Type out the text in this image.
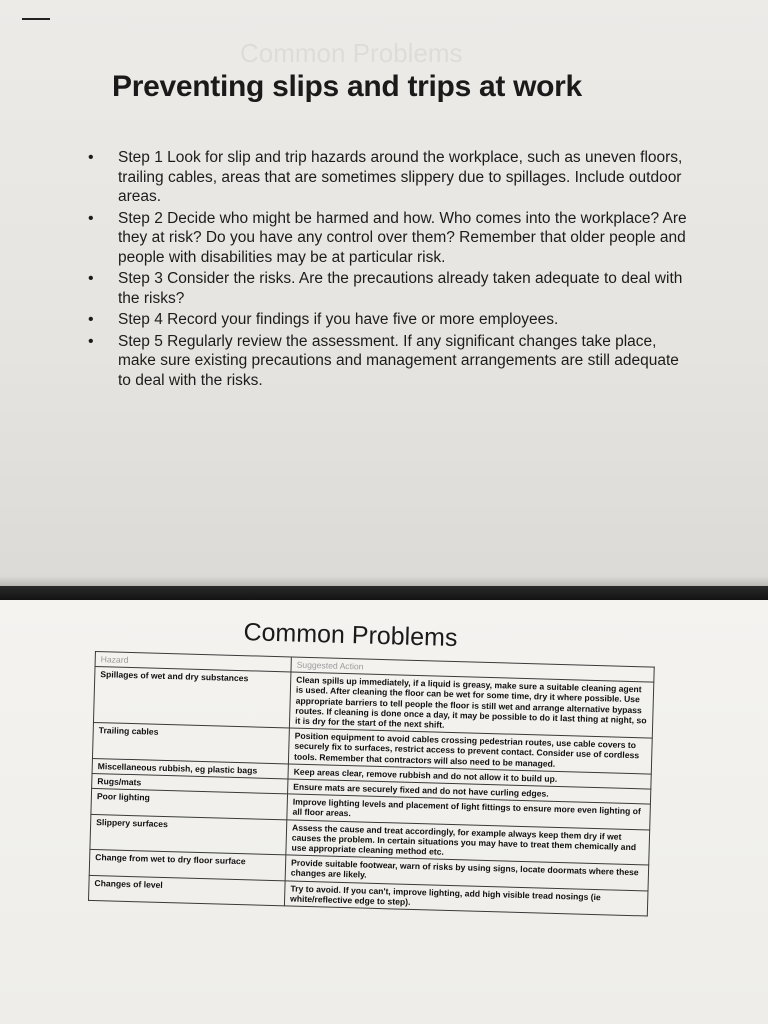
Common Problems
Preventing slips and trips at work
• Step 1 Look for slip and trip hazards around the workplace, such as uneven floors, trailing cables, areas that are sometimes slippery due to spillages. Include outdoor areas.
• Step 2 Decide who might be harmed and how. Who comes into the workplace? Are they at risk? Do you have any control over them? Remember that older people and people with disabilities may be at particular risk.
• Step 3 Consider the risks. Are the precautions already taken adequate to deal with the risks?
• Step 4 Record your findings if you have five or more employees.
• Step 5 Regularly review the assessment. If any significant changes take place, make sure existing precautions and management arrangements are still adequate to deal with the risks.
Common Problems
Hazard	Suggested Action
Spillages of wet and dry substances	Clean spills up immediately, if a liquid is greasy, make sure a suitable cleaning agent is used. After cleaning the floor can be wet for some time, dry it where possible. Use appropriate barriers to tell people the floor is still wet and arrange alternative bypass routes. If cleaning is done once a day, it may be possible to do it last thing at night, so it is dry for the start of the next shift.
Trailing cables	Position equipment to avoid cables crossing pedestrian routes, use cable covers to securely fix to surfaces, restrict access to prevent contact. Consider use of cordless tools. Remember that contractors will also need to be managed.
Miscellaneous rubbish, eg plastic bags	Keep areas clear, remove rubbish and do not allow it to build up.
Rugs/mats	Ensure mats are securely fixed and do not have curling edges.
Poor lighting	Improve lighting levels and placement of light fittings to ensure more even lighting of all floor areas.
Slippery surfaces	Assess the cause and treat accordingly, for example always keep them dry if wet causes the problem. In certain situations you may have to treat them chemically and use appropriate cleaning method etc.
Change from wet to dry floor surface	Provide suitable footwear, warn of risks by using signs, locate doormats where these changes are likely.
Changes of level	Try to avoid. If you can't, improve lighting, add high visible tread nosings (ie white/reflective edge to step).
